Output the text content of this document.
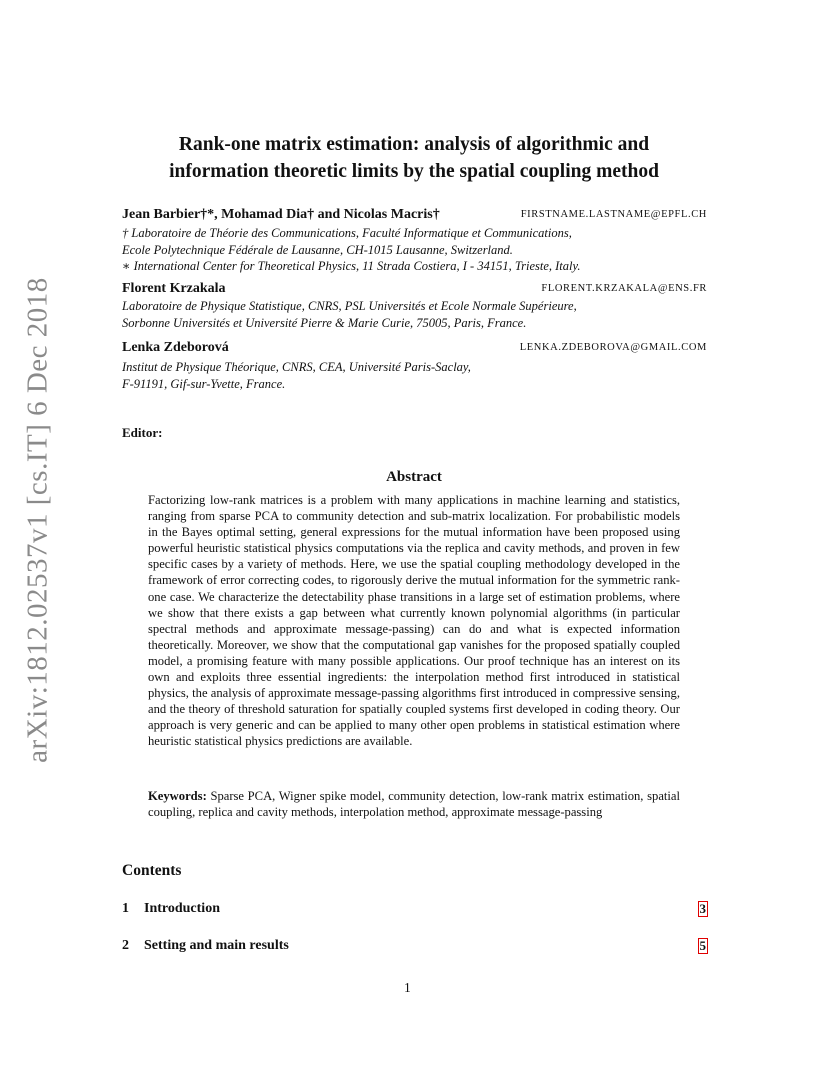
arXiv:1812.02537v1 [cs.IT] 6 Dec 2018
Rank-one matrix estimation: analysis of algorithmic and
information theoretic limits by the spatial coupling method
Jean Barbier†*, Mohamad Dia† and Nicolas Macris†	FIRSTNAME.LASTNAME@EPFL.CH
† Laboratoire de Théorie des Communications, Faculté Informatique et Communications,
Ecole Polytechnique Fédérale de Lausanne, CH-1015 Lausanne, Switzerland.
∗ International Center for Theoretical Physics, 11 Strada Costiera, I - 34151, Trieste, Italy.
Florent Krzakala	FLORENT.KRZAKALA@ENS.FR
Laboratoire de Physique Statistique, CNRS, PSL Universités et Ecole Normale Supérieure,
Sorbonne Universités et Université Pierre & Marie Curie, 75005, Paris, France.
Lenka Zdeborová	LENKA.ZDEBOROVA@GMAIL.COM
Institut de Physique Théorique, CNRS, CEA, Université Paris-Saclay,
F-91191, Gif-sur-Yvette, France.
Editor:
Abstract
Factorizing low-rank matrices is a problem with many applications in machine learning and statistics, ranging from sparse PCA to community detection and sub-matrix localization. For probabilistic models in the Bayes optimal setting, general expressions for the mutual information have been proposed using powerful heuristic statistical physics computations via the replica and cavity methods, and proven in few specific cases by a variety of methods. Here, we use the spatial coupling methodology developed in the framework of error correcting codes, to rigorously derive the mutual information for the symmetric rank-one case. We characterize the detectability phase transitions in a large set of estimation problems, where we show that there exists a gap between what currently known polynomial algorithms (in particular spectral methods and approximate message-passing) can do and what is expected information theoretically. Moreover, we show that the computational gap vanishes for the proposed spatially coupled model, a promising feature with many possible applications. Our proof technique has an interest on its own and exploits three essential ingredients: the interpolation method first introduced in statistical physics, the analysis of approximate message-passing algorithms first introduced in compressive sensing, and the theory of threshold saturation for spatially coupled systems first developed in coding theory. Our approach is very generic and can be applied to many other open problems in statistical estimation where heuristic statistical physics predictions are available.
Keywords: Sparse PCA, Wigner spike model, community detection, low-rank matrix estimation, spatial coupling, replica and cavity methods, interpolation method, approximate message-passing
Contents
1 Introduction	3
2 Setting and main results	5
1
